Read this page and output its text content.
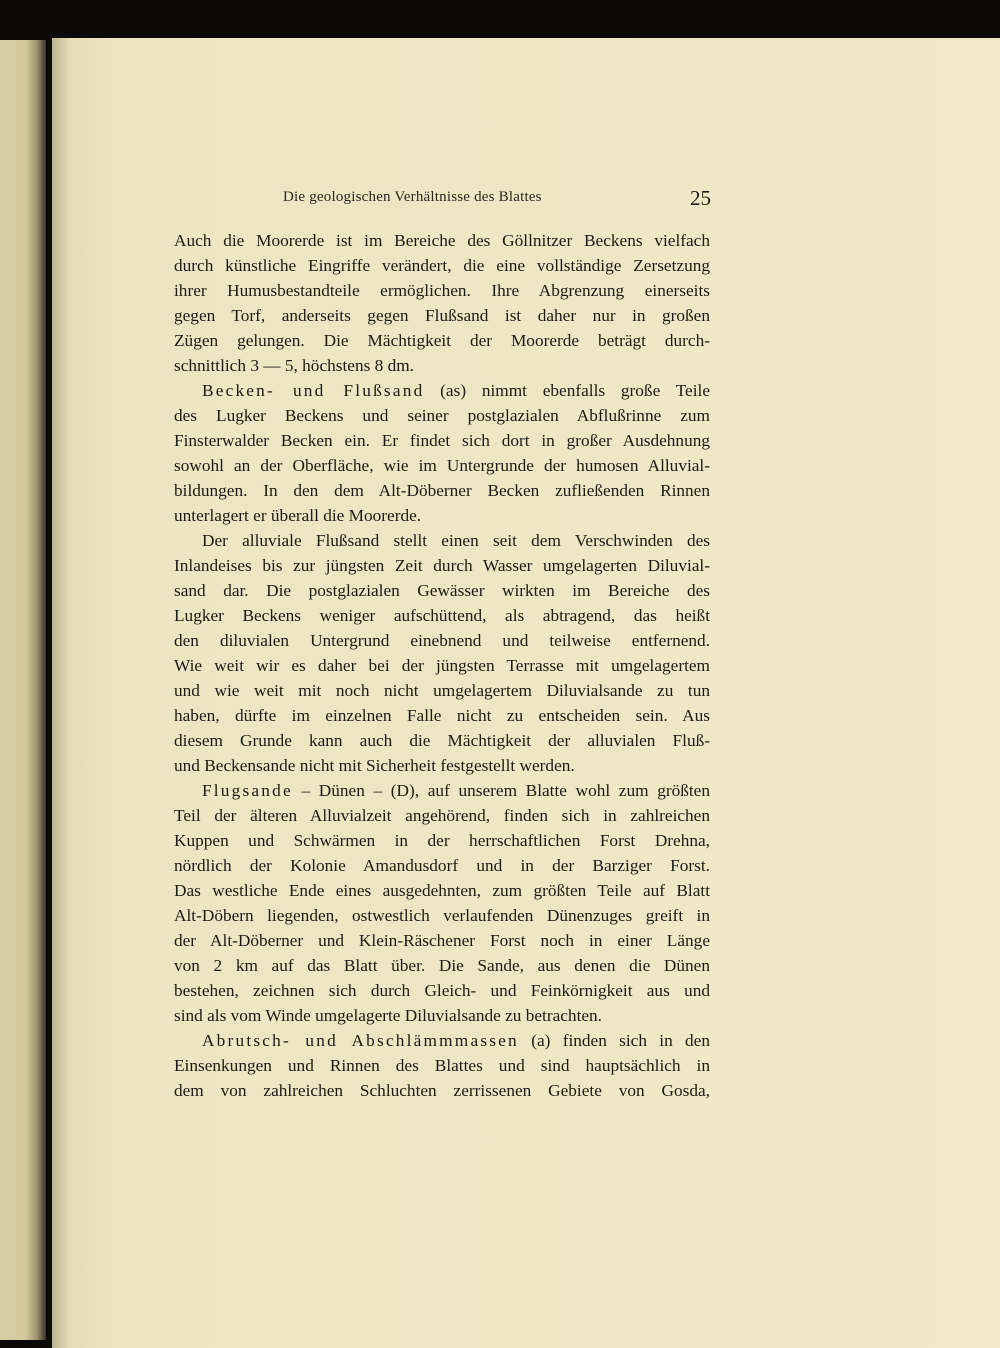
Die geologischen Verhältnisse des Blattes	25

Auch die Moorerde ist im Bereiche des Göllnitzer Beckens vielfach

durch künstliche Eingriffe verändert, die eine vollständige Zersetzung

ihrer Humusbestandteile ermöglichen. Ihre Abgrenzung einerseits

gegen Torf, anderseits gegen Flußsand ist daher nur in großen

Zügen gelungen. Die Mächtigkeit der Moorerde beträgt durch-

schnittlich 3 — 5, höchstens 8 dm.

Becken- und Flußsand (as) nimmt ebenfalls große Teile

des Lugker Beckens und seiner postglazialen Abflußrinne zum

Finsterwalder Becken ein. Er findet sich dort in großer Ausdehnung

sowohl an der Oberfläche, wie im Untergrunde der humosen Alluvial-

bildungen. In den dem Alt-Döberner Becken zufließenden Rinnen

unterlagert er überall die Moorerde.

Der alluviale Flußsand stellt einen seit dem Verschwinden des

Inlandeises bis zur jüngsten Zeit durch Wasser umgelagerten Diluvial-

sand dar. Die postglazialen Gewässer wirkten im Bereiche des

Lugker Beckens weniger aufschüttend, als abtragend, das heißt

den diluvialen Untergrund einebnend und teilweise entfernend.

Wie weit wir es daher bei der jüngsten Terrasse mit umgelagertem

und wie weit mit noch nicht umgelagertem Diluvialsande zu tun

haben, dürfte im einzelnen Falle nicht zu entscheiden sein. Aus

diesem Grunde kann auch die Mächtigkeit der alluvialen Fluß-

und Beckensande nicht mit Sicherheit festgestellt werden.

Flugsande – Dünen – (D), auf unserem Blatte wohl zum größten

Teil der älteren Alluvialzeit angehörend, finden sich in zahlreichen

Kuppen und Schwärmen in der herrschaftlichen Forst Drehna,

nördlich der Kolonie Amandusdorf und in der Barziger Forst.

Das westliche Ende eines ausgedehnten, zum größten Teile auf Blatt

Alt-Döbern liegenden, ostwestlich verlaufenden Dünenzuges greift in

der Alt-Döberner und Klein-Räschener Forst noch in einer Länge

von 2 km auf das Blatt über. Die Sande, aus denen die Dünen

bestehen, zeichnen sich durch Gleich- und Feinkörnigkeit aus und

sind als vom Winde umgelagerte Diluvialsande zu betrachten.

Abrutsch- und Abschlämmmassen (a) finden sich in den

Einsenkungen und Rinnen des Blattes und sind hauptsächlich in

dem von zahlreichen Schluchten zerrissenen Gebiete von Gosda,
